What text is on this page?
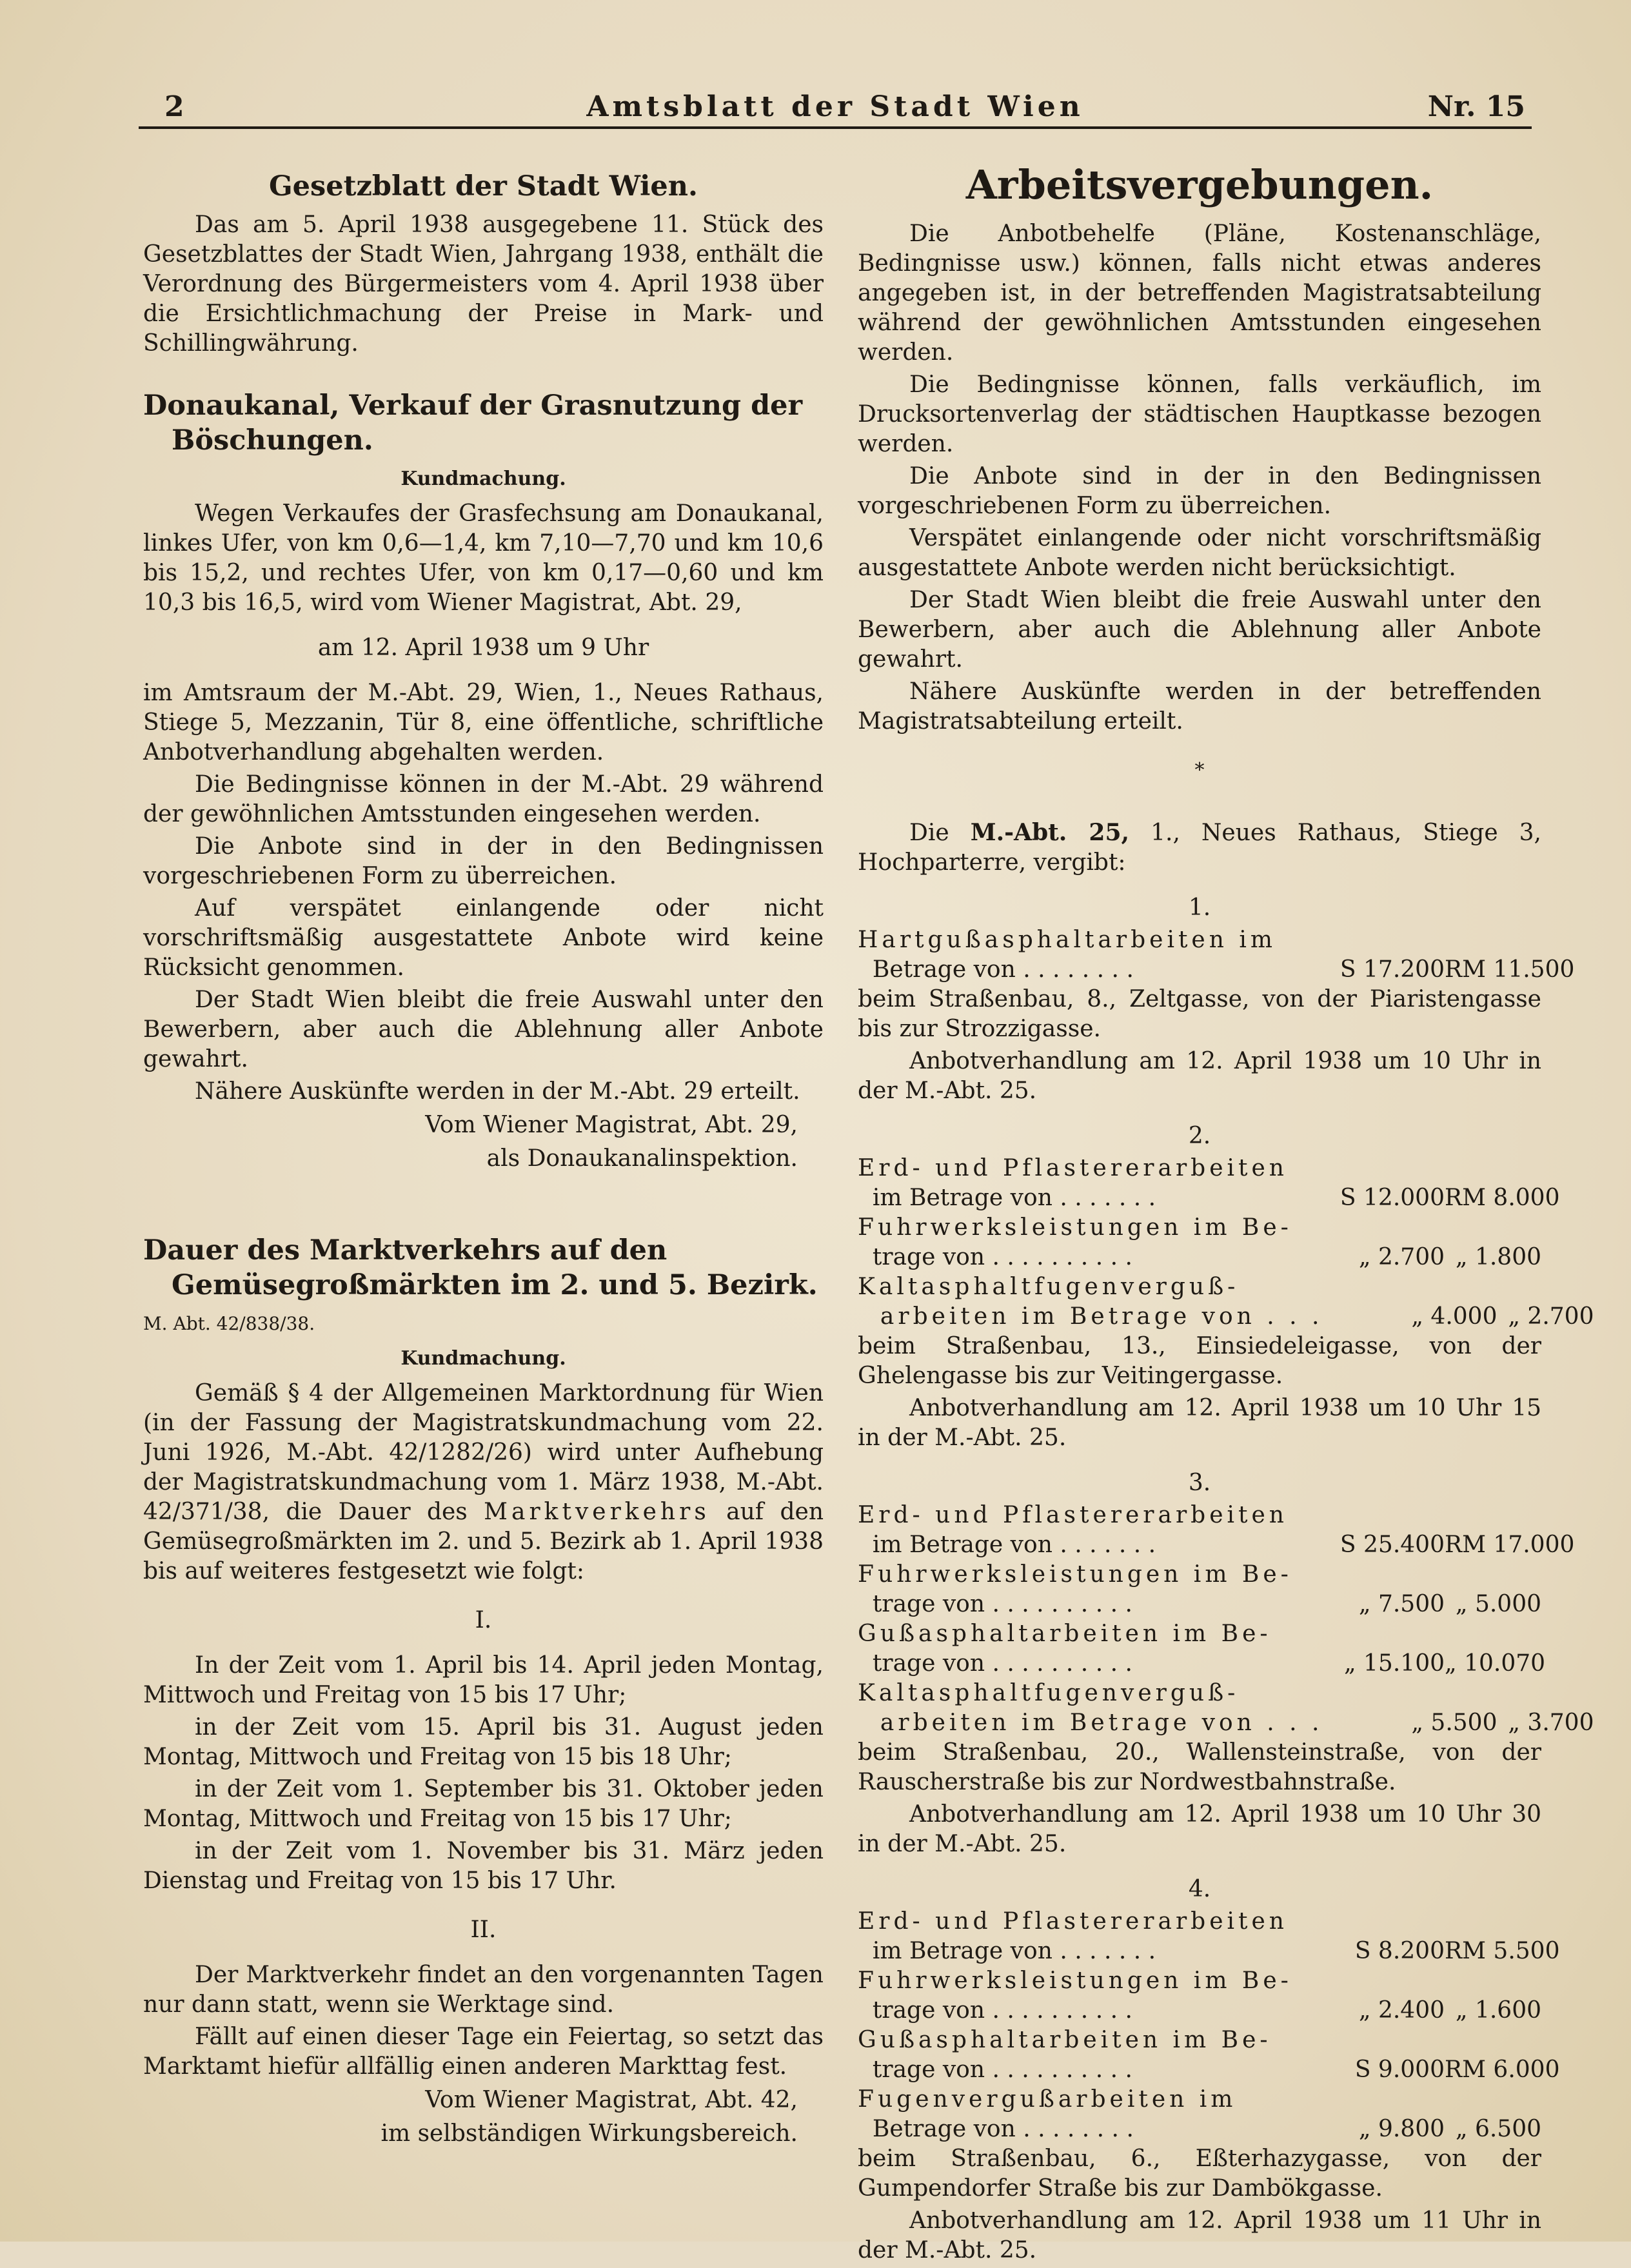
2	Amtsblatt der Stadt Wien	Nr. 15
Gesetzblatt der Stadt Wien.

Das am 5. April 1938 ausgegebene 11. Stück des Gesetzblattes der Stadt Wien, Jahrgang 1938, enthält die Verordnung des Bürgermeisters vom 4. April 1938 über die Ersichtlichmachung der Preise in Mark- und Schillingwährung.

Donaukanal, Verkauf der Grasnutzung der Böschungen.
Kundmachung.

Wegen Verkaufes der Grasfechsung am Donaukanal, linkes Ufer, von km 0,6—1,4, km 7,10—7,70 und km 10,6 bis 15,2, und rechtes Ufer, von km 0,17—0,60 und km 10,3 bis 16,5, wird vom Wiener Magistrat, Abt. 29,

am 12. April 1938 um 9 Uhr

im Amtsraum der M.-Abt. 29, Wien, 1., Neues Rathaus, Stiege 5, Mezzanin, Tür 8, eine öffentliche, schriftliche Anbotverhandlung abgehalten werden.

Die Bedingnisse können in der M.-Abt. 29 während der gewöhnlichen Amtsstunden eingesehen werden.

Die Anbote sind in der in den Bedingnissen vorgeschriebenen Form zu überreichen.

Auf verspätet einlangende oder nicht vorschriftsmäßig ausgestattete Anbote wird keine Rücksicht genommen.

Der Stadt Wien bleibt die freie Auswahl unter den Bewerbern, aber auch die Ablehnung aller Anbote gewahrt.

Nähere Auskünfte werden in der M.-Abt. 29 erteilt.

Vom Wiener Magistrat, Abt. 29,

als Donaukanalinspektion.

Dauer des Marktverkehrs auf den Gemüsegroßmärkten im 2. und 5. Bezirk.
M. Abt. 42/838/38.
Kundmachung.

Gemäß § 4 der Allgemeinen Marktordnung für Wien (in der Fassung der Magistratskundmachung vom 22. Juni 1926, M.-Abt. 42/1282/26) wird unter Aufhebung der Magistratskundmachung vom 1. März 1938, M.-Abt. 42/371/38, die Dauer des Marktverkehrs auf den Gemüsegroßmärkten im 2. und 5. Bezirk ab 1. April 1938 bis auf weiteres festgesetzt wie folgt:

I.

In der Zeit vom 1. April bis 14. April jeden Montag, Mittwoch und Freitag von 15 bis 17 Uhr;

in der Zeit vom 15. April bis 31. August jeden Montag, Mittwoch und Freitag von 15 bis 18 Uhr;

in der Zeit vom 1. September bis 31. Oktober jeden Montag, Mittwoch und Freitag von 15 bis 17 Uhr;

in der Zeit vom 1. November bis 31. März jeden Dienstag und Freitag von 15 bis 17 Uhr.

II.

Der Marktverkehr findet an den vorgenannten Tagen nur dann statt, wenn sie Werktage sind.

Fällt auf einen dieser Tage ein Feiertag, so setzt das Marktamt hiefür allfällig einen anderen Markttag fest.

Vom Wiener Magistrat, Abt. 42,

im selbständigen Wirkungsbereich.

Arbeitsvergebungen.

Die Anbotbehelfe (Pläne, Kostenanschläge, Bedingnisse usw.) können, falls nicht etwas anderes angegeben ist, in der betreffenden Magistratsabteilung während der gewöhnlichen Amtsstunden eingesehen werden.

Die Bedingnisse können, falls verkäuflich, im Drucksortenverlag der städtischen Hauptkasse bezogen werden.

Die Anbote sind in der in den Bedingnissen vorgeschriebenen Form zu überreichen.

Verspätet einlangende oder nicht vorschriftsmäßig ausgestattete Anbote werden nicht berücksichtigt.

Der Stadt Wien bleibt die freie Auswahl unter den Bewerbern, aber auch die Ablehnung aller Anbote gewahrt.

Nähere Auskünfte werden in der betreffenden Magistratsabteilung erteilt.

*

Die M.-Abt. 25, 1., Neues Rathaus, Stiege 3, Hochparterre, vergibt:

1.

Hartgußasphaltarbeiten im
Betrage von . . . . . . . .	S 17.200 RM 11.500

beim Straßenbau, 8., Zeltgasse, von der Piaristengasse bis zur Strozzigasse.

Anbotverhandlung am 12. April 1938 um 10 Uhr in der M.-Abt. 25.

2.

Erd- und Pflastererarbeiten
im Betrage von . . . . . . .	S 12.000 RM 8.000
Fuhrwerksleistungen im Be-
trage von . . . . . . . . . .	„ 2.700 „ 1.800
Kaltasphaltfugenverguß-
arbeiten im Betrage von . . .	„ 4.000 „ 2.700

beim Straßenbau, 13., Einsiedeleigasse, von der Ghelengasse bis zur Veitingergasse.

Anbotverhandlung am 12. April 1938 um 10 Uhr 15 in der M.-Abt. 25.

3.

Erd- und Pflastererarbeiten
im Betrage von . . . . . . .	S 25.400 RM 17.000
Fuhrwerksleistungen im Be-
trage von . . . . . . . . . .	„ 7.500 „ 5.000
Gußasphaltarbeiten im Be-
trage von . . . . . . . . . .	„ 15.100 „ 10.070
Kaltasphaltfugenverguß-
arbeiten im Betrage von . . .	„ 5.500 „ 3.700

beim Straßenbau, 20., Wallensteinstraße, von der Rauscherstraße bis zur Nordwestbahnstraße.

Anbotverhandlung am 12. April 1938 um 10 Uhr 30 in der M.-Abt. 25.

4.

Erd- und Pflastererarbeiten
im Betrage von . . . . . . .	S 8.200 RM 5.500
Fuhrwerksleistungen im Be-
trage von . . . . . . . . . .	„ 2.400 „ 1.600
Gußasphaltarbeiten im Be-
trage von . . . . . . . . . .	S 9.000 RM 6.000
Fugenvergußarbeiten im
Betrage von . . . . . . . .	„ 9.800 „ 6.500

beim Straßenbau, 6., Eßterhazygasse, von der Gumpendorfer Straße bis zur Dambökgasse.

Anbotverhandlung am 12. April 1938 um 11 Uhr in der M.-Abt. 25.
